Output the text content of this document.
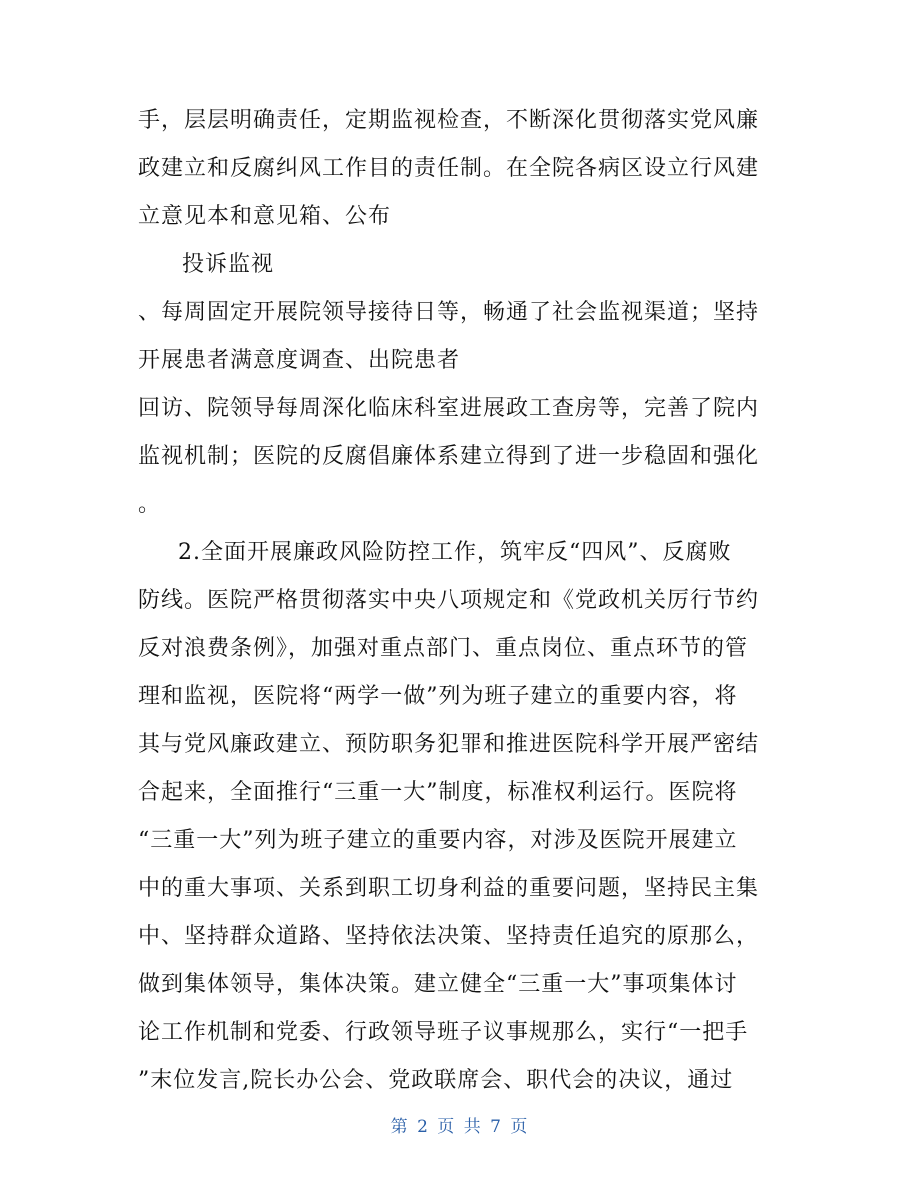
手，层层明确责任，定期监视检查，不断深化贯彻落实党风廉
政建立和反腐纠风工作目的责任制。在全院各病区设立行风建
立意见本和意见箱、公布
投诉监视
、每周固定开展院领导接待日等，畅通了社会监视渠道；坚持
开展患者满意度调查、出院患者
回访、院领导每周深化临床科室进展政工查房等，完善了院内
监视机制；医院的反腐倡廉体系建立得到了进一步稳固和强化
。
2.全面开展廉政风险防控工作，筑牢反“四风”、反腐败
防线。医院严格贯彻落实中央八项规定和《党政机关厉行节约
反对浪费条例》，加强对重点部门、重点岗位、重点环节的管
理和监视，医院将“两学一做”列为班子建立的重要内容，将
其与党风廉政建立、预防职务犯罪和推进医院科学开展严密结
合起来，全面推行“三重一大”制度，标准权利运行。医院将
“三重一大”列为班子建立的重要内容，对涉及医院开展建立
中的重大事项、关系到职工切身利益的重要问题，坚持民主集
中、坚持群众道路、坚持依法决策、坚持责任追究的原那么，
做到集体领导，集体决策。建立健全“三重一大”事项集体讨
论工作机制和党委、行政领导班子议事规那么，实行“一把手
”末位发言,院长办公会、党政联席会、职代会的决议，通过
第 2 页 共 7 页
